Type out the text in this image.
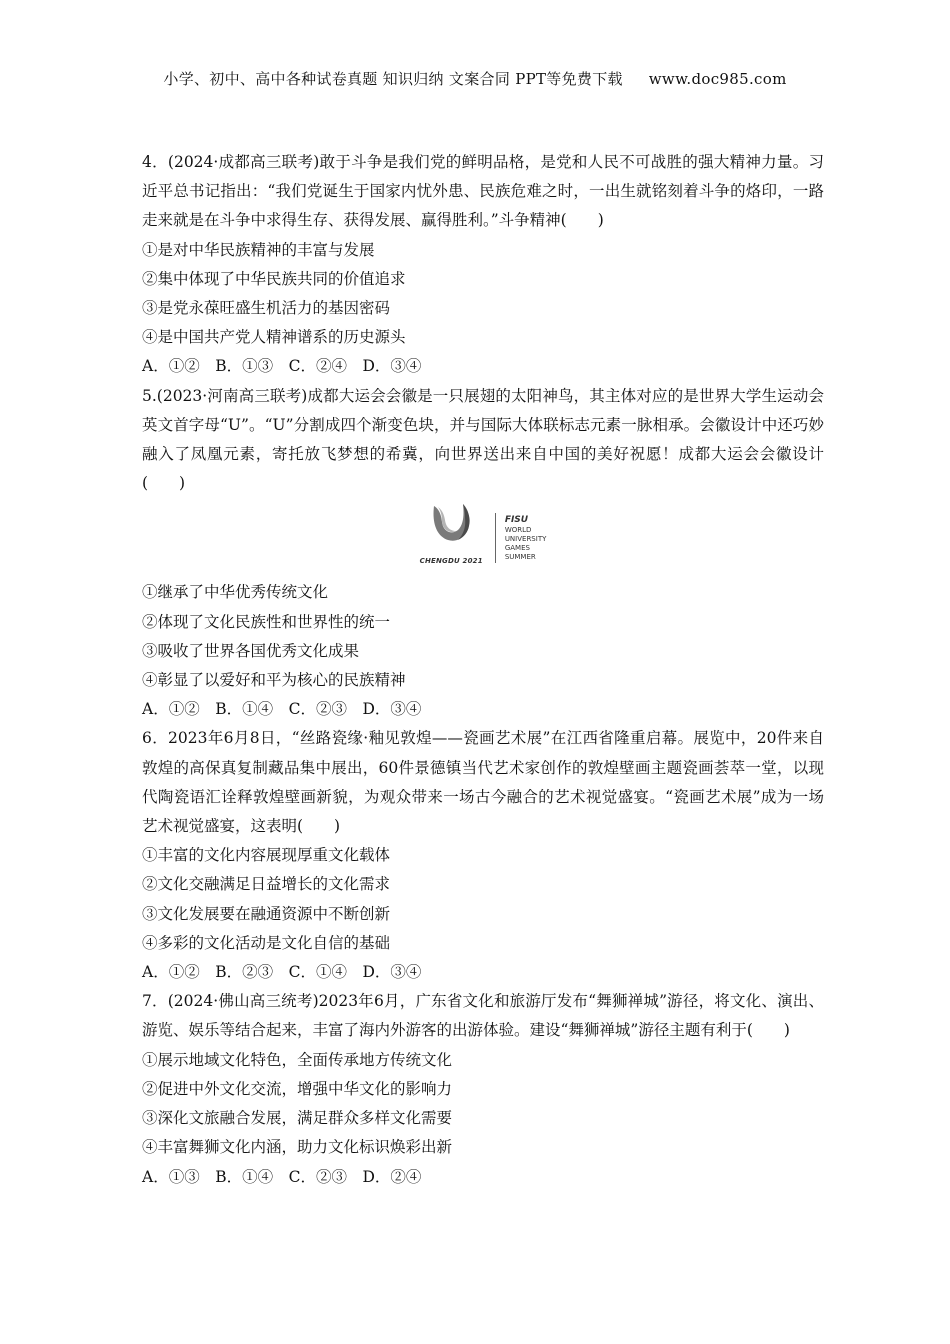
小学、初中、高中各种试卷真题 知识归纳 文案合同 PPT等免费下载 www.doc985.com

4．(2024·成都高三联考)敢于斗争是我们党的鲜明品格，是党和人民不可战胜的强大精神力量。习近平总书记指出：“我们党诞生于国家内忧外患、民族危难之时，一出生就铭刻着斗争的烙印，一路走来就是在斗争中求得生存、获得发展、赢得胜利。”斗争精神(　　)

①是对中华民族精神的丰富与发展

②集中体现了中华民族共同的价值追求

③是党永葆旺盛生机活力的基因密码

④是中国共产党人精神谱系的历史源头

A．①②　B．①③　C．②④　D．③④

5.(2023·河南高三联考)成都大运会会徽是一只展翅的太阳神鸟，其主体对应的是世界大学生运动会英文首字母“U”。“U”分割成四个渐变色块，并与国际大体联标志元素一脉相承。会徽设计中还巧妙融入了凤凰元素，寄托放飞梦想的希冀，向世界送出来自中国的美好祝愿！成都大运会会徽设计(　　)

CHENGDU 2021
FISU
WORLD
UNIVERSITY
GAMES
SUMMER

①继承了中华优秀传统文化

②体现了文化民族性和世界性的统一

③吸收了世界各国优秀文化成果

④彰显了以爱好和平为核心的民族精神

A．①②　B．①④　C．②③　D．③④

6．2023年6月8日，“丝路瓷缘·釉见敦煌——瓷画艺术展”在江西省隆重启幕。展览中，20件来自敦煌的高保真复制藏品集中展出，60件景德镇当代艺术家创作的敦煌壁画主题瓷画荟萃一堂，以现代陶瓷语汇诠释敦煌壁画新貌，为观众带来一场古今融合的艺术视觉盛宴。“瓷画艺术展”成为一场艺术视觉盛宴，这表明(　　)

①丰富的文化内容展现厚重文化载体

②文化交融满足日益增长的文化需求

③文化发展要在融通资源中不断创新

④多彩的文化活动是文化自信的基础

A．①②　B．②③　C．①④　D．③④

7．(2024·佛山高三统考)2023年6月，广东省文化和旅游厅发布“舞狮禅城”游径，将文化、演出、游览、娱乐等结合起来，丰富了海内外游客的出游体验。建设“舞狮禅城”游径主题有利于(　　)

①展示地域文化特色，全面传承地方传统文化

②促进中外文化交流，增强中华文化的影响力

③深化文旅融合发展，满足群众多样文化需要

④丰富舞狮文化内涵，助力文化标识焕彩出新

A．①③　B．①④　C．②③　D．②④
